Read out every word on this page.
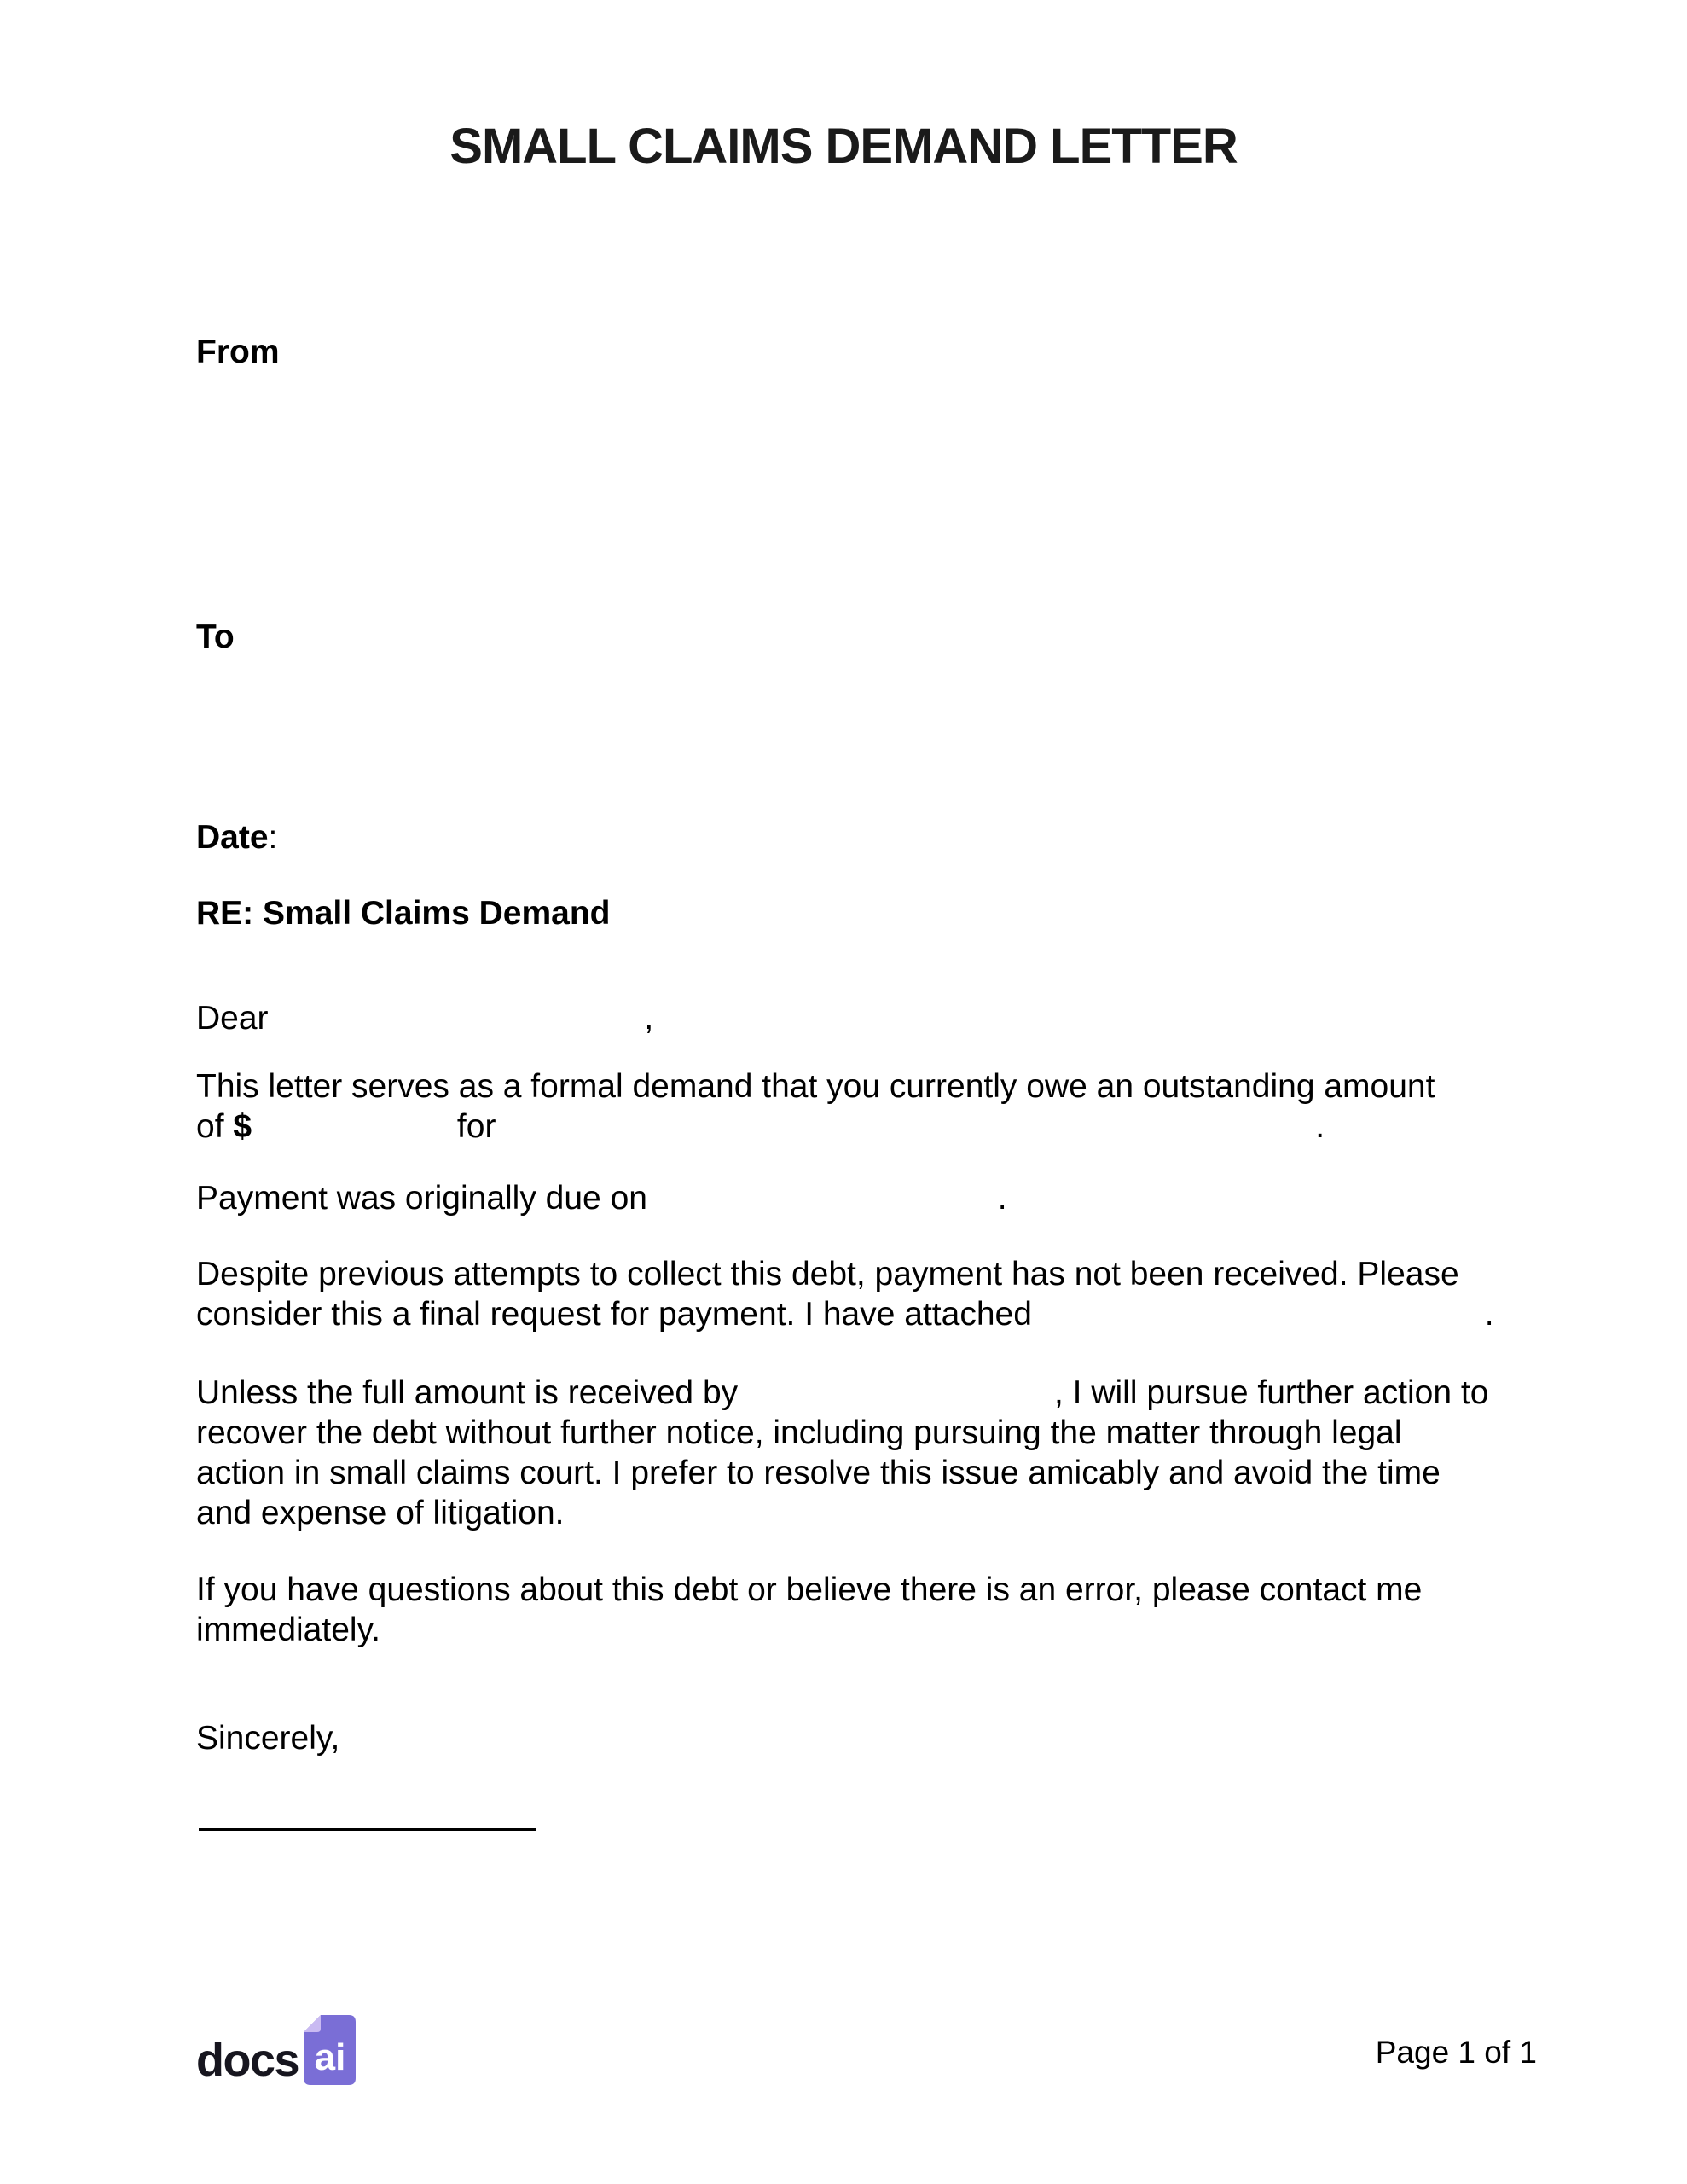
SMALL CLAIMS DEMAND LETTER
From
To
Date:
RE: Small Claims Demand
Dear	,
This letter serves as a formal demand that you currently owe an outstanding amount
of $	for	.
Payment was originally due on	.
Despite previous attempts to collect this debt, payment has not been received. Please
consider this a final request for payment. I have attached	.
Unless the full amount is received by	, I will pursue further action to
recover the debt without further notice, including pursuing the matter through legal
action in small claims court. I prefer to resolve this issue amicably and avoid the time
and expense of litigation.
If you have questions about this debt or believe there is an error, please contact me
immediately.
Sincerely,
docs ai	Page 1 of 1
